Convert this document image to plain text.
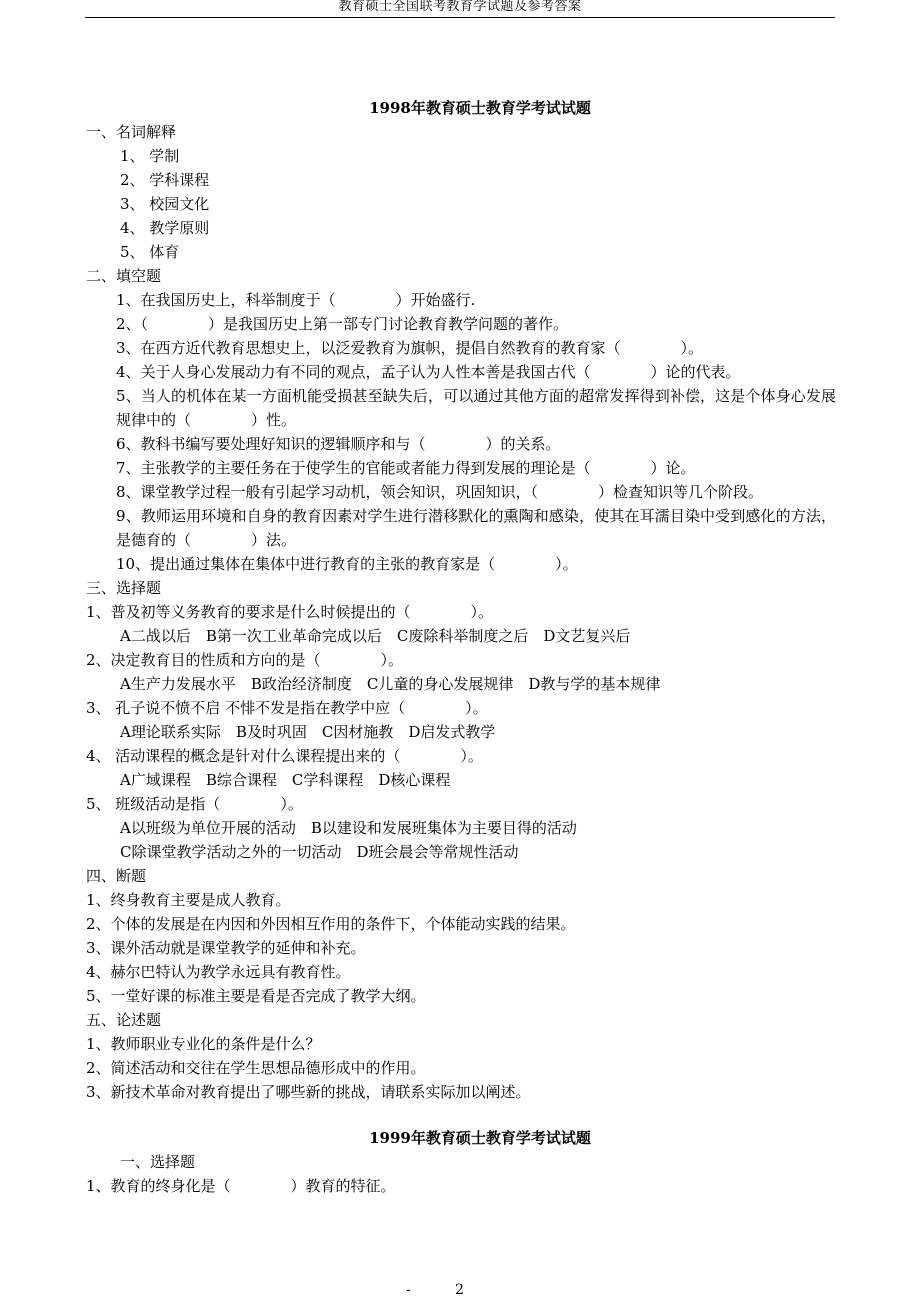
教育硕士全国联考教育学试题及参考答案
1998年教育硕士教育学考试试题
一、名词解释
1、 学制
2、 学科课程
3、 校园文化
4、 教学原则
5、 体育
二、填空题
1、在我国历史上，科举制度于（　　　　）开始盛行.
2、（　　　　）是我国历史上第一部专门讨论教育教学问题的著作。
3、在西方近代教育思想史上，以泛爱教育为旗帜，提倡自然教育的教育家（　　　　）。
4、关于人身心发展动力有不同的观点，孟子认为人性本善是我国古代（　　　　）论的代表。
5、当人的机体在某一方面机能受损甚至缺失后，可以通过其他方面的超常发挥得到补偿，这是个体身心发展规律中的（　　　　）性。
6、教科书编写要处理好知识的逻辑顺序和与（　　　　）的关系。
7、主张教学的主要任务在于使学生的官能或者能力得到发展的理论是（　　　　）论。
8、课堂教学过程一般有引起学习动机，领会知识，巩固知识，（　　　　）检查知识等几个阶段。
9、教师运用环境和自身的教育因素对学生进行潜移默化的熏陶和感染，使其在耳濡目染中受到感化的方法，是德育的（　　　　）法。
10、提出通过集体在集体中进行教育的主张的教育家是（　　　　）。
三、选择题
1、普及初等义务教育的要求是什么时候提出的（　　　　）。
A二战以后　B第一次工业革命完成以后　C废除科举制度之后　D文艺复兴后
2、决定教育目的性质和方向的是（　　　　）。
A生产力发展水平　B政治经济制度　C儿童的身心发展规律　D教与学的基本规律
3、 孔子说不愤不启 不悱不发是指在教学中应（　　　　）。
A理论联系实际　B及时巩固　C因材施教　D启发式教学
4、 活动课程的概念是针对什么课程提出来的（　　　　）。
A广域课程　B综合课程　C学科课程　D核心课程
5、 班级活动是指（　　　　）。
A以班级为单位开展的活动　B以建设和发展班集体为主要目得的活动
C除课堂教学活动之外的一切活动　D班会晨会等常规性活动
四、断题
1、终身教育主要是成人教育。
2、个体的发展是在内因和外因相互作用的条件下，个体能动实践的结果。
3、课外活动就是课堂教学的延伸和补充。
4、赫尔巴特认为教学永远具有教育性。
5、一堂好课的标准主要是看是否完成了教学大纲。
五、论述题
1、教师职业专业化的条件是什么？
2、简述活动和交往在学生思想品德形成中的作用。
3、新技术革命对教育提出了哪些新的挑战，请联系实际加以阐述。
1999年教育硕士教育学考试试题
一、选择题
1、教育的终身化是（　　　　）教育的特征。
-	2
